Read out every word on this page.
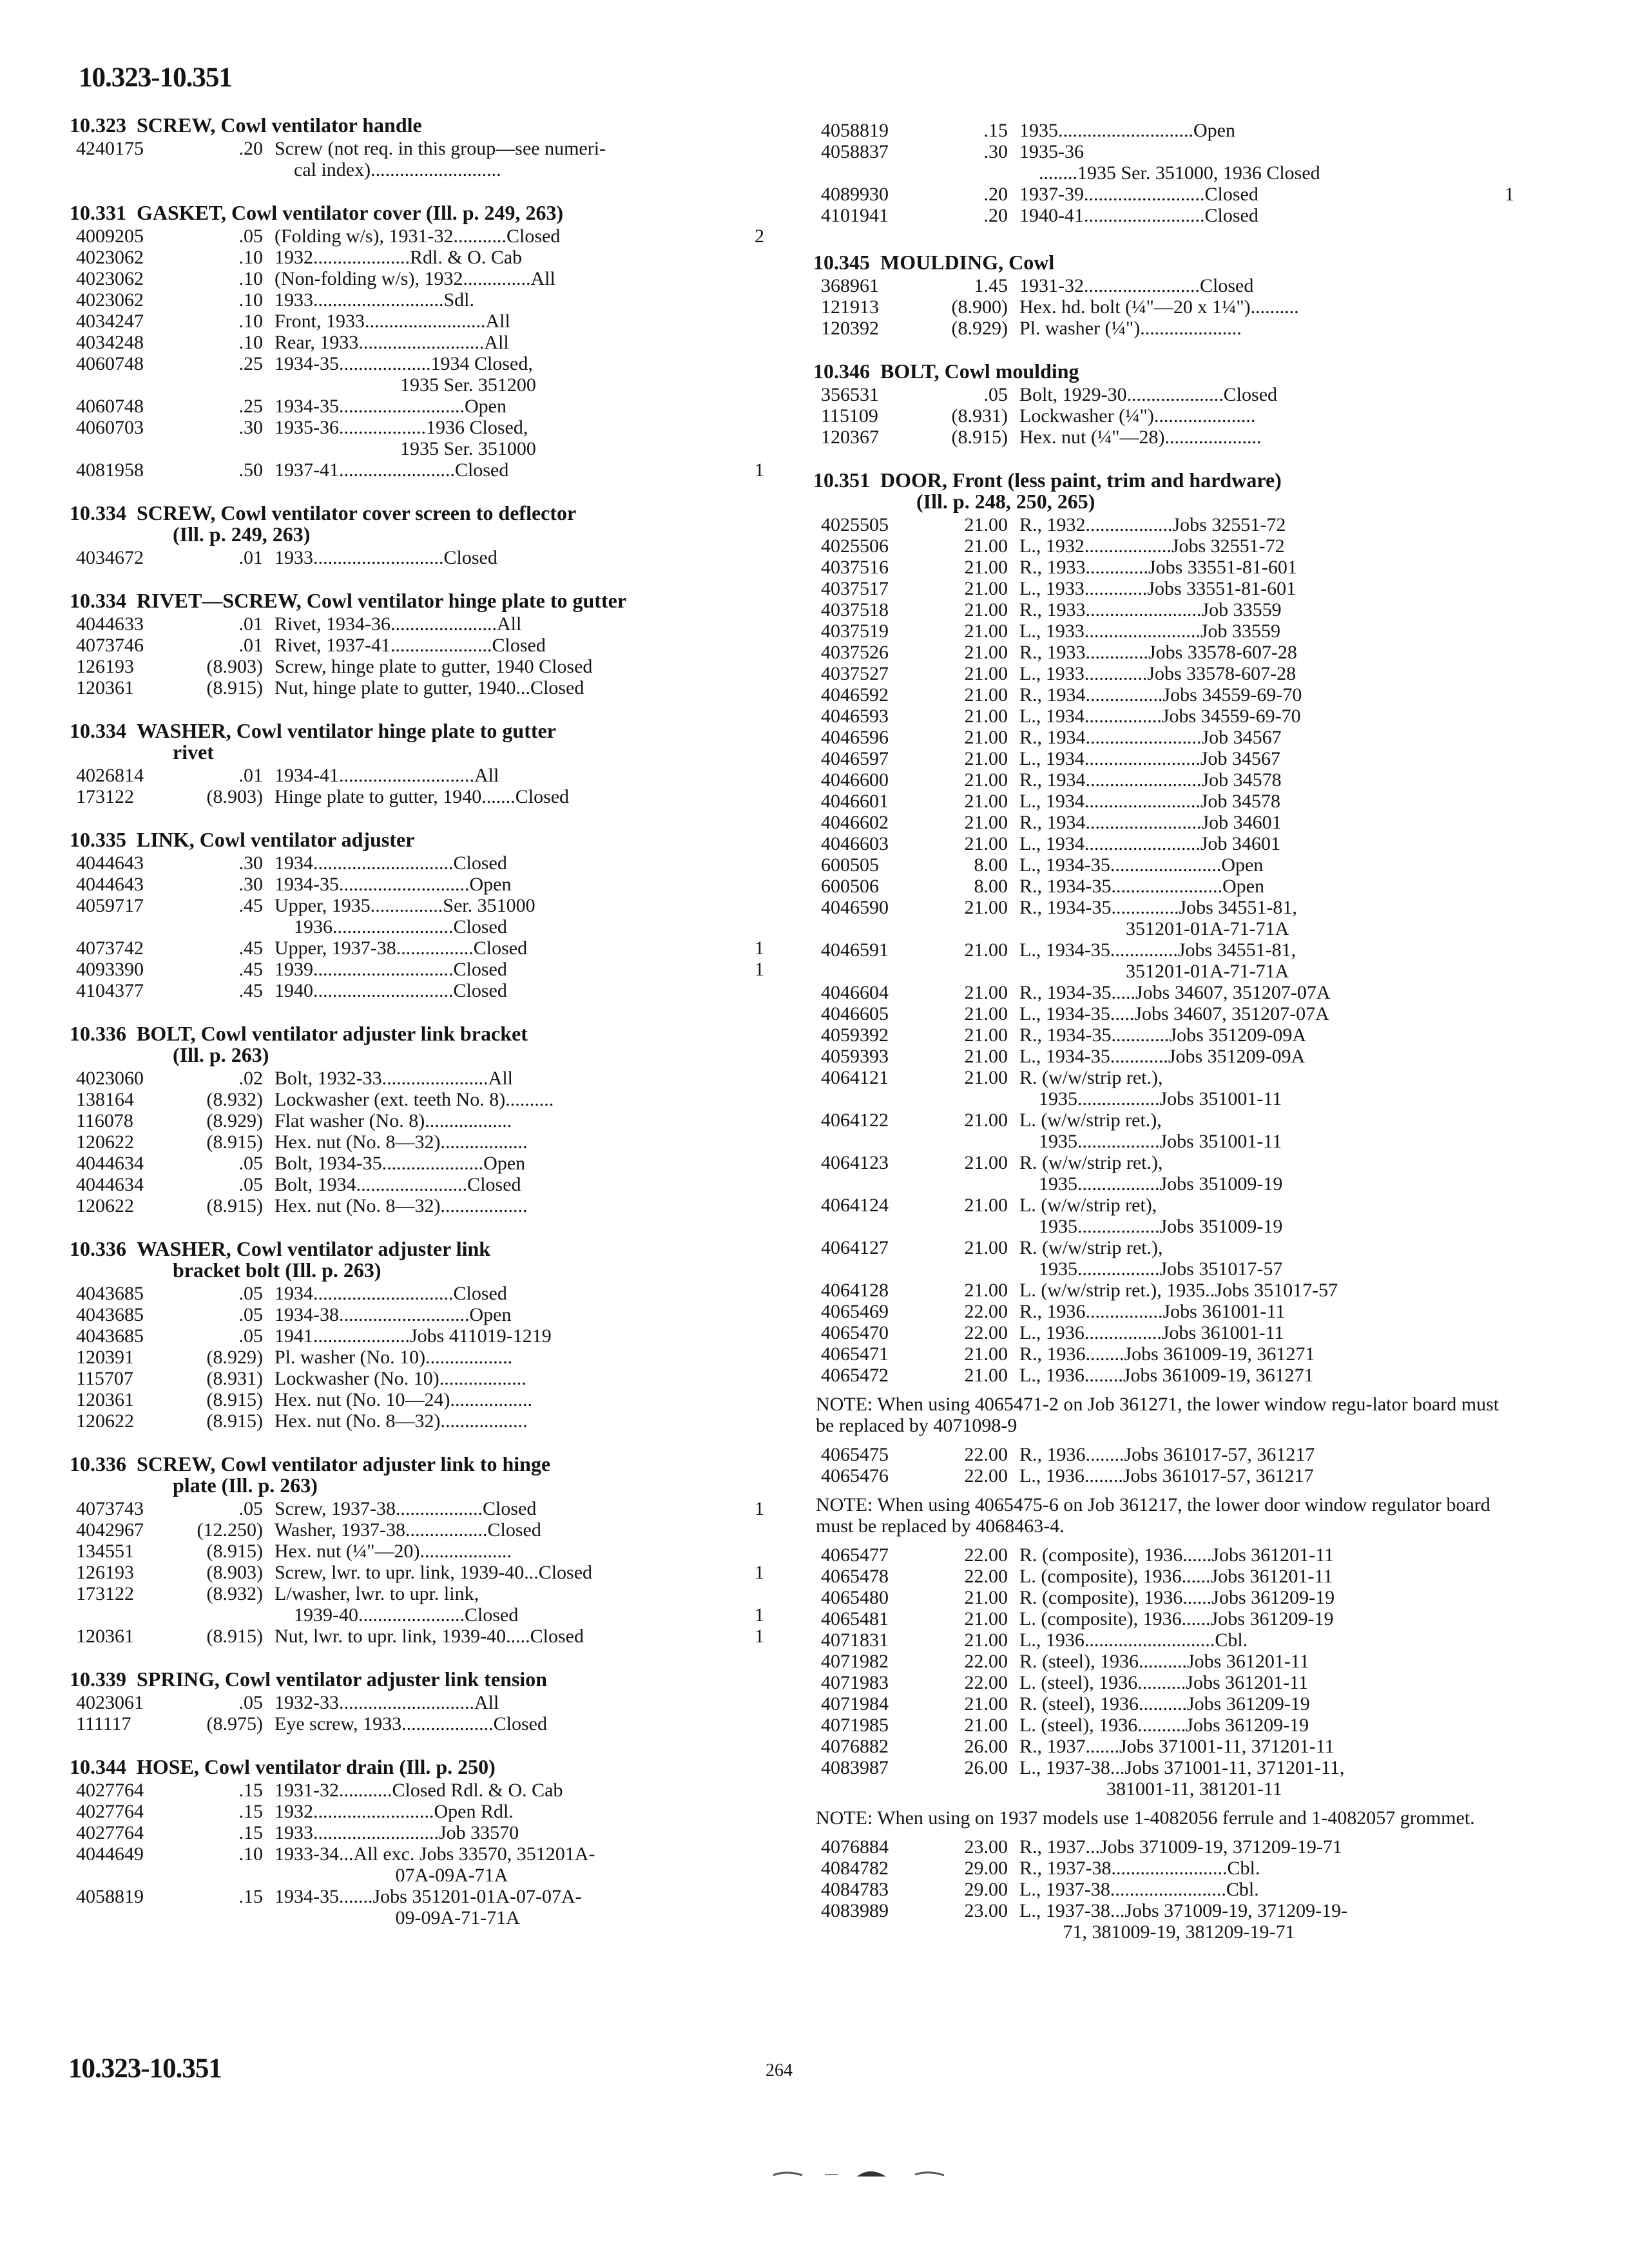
10.323-10.351
10.323 SCREW, Cowl ventilator handle
4240175	.20 Screw (not req. in this group—see numeri-
cal index)...........................
10.331 GASKET, Cowl ventilator cover (Ill. p. 249, 263)
4009205	.05 (Folding w/s), 1931-32...........Closed	2
4023062	.10 1932....................Rdl. & O. Cab
4023062	.10 (Non-folding w/s), 1932..............All
4023062	.10 1933...........................Sdl.
4034247	.10 Front, 1933.........................All
4034248	.10 Rear, 1933..........................All
4060748	.25 1934-35...................1934 Closed,
1935 Ser. 351200
4060748	.25 1934-35..........................Open
4060703	.30 1935-36..................1936 Closed,
1935 Ser. 351000
4081958	.50 1937-41........................Closed	1
10.334 SCREW, Cowl ventilator cover screen to deflector
(Ill. p. 249, 263)
4034672	.01 1933...........................Closed
10.334 RIVET—SCREW, Cowl ventilator hinge plate to gutter
4044633	.01 Rivet, 1934-36......................All
4073746	.01 Rivet, 1937-41.....................Closed
126193	(8.903) Screw, hinge plate to gutter, 1940 Closed
120361	(8.915) Nut, hinge plate to gutter, 1940...Closed
10.334 WASHER, Cowl ventilator hinge plate to gutter
rivet
4026814	.01 1934-41............................All
173122	(8.903) Hinge plate to gutter, 1940.......Closed
10.335 LINK, Cowl ventilator adjuster
4044643	.30 1934.............................Closed
4044643	.30 1934-35...........................Open
4059717	.45 Upper, 1935...............Ser. 351000
1936.........................Closed
4073742	.45 Upper, 1937-38................Closed	1
4093390	.45 1939.............................Closed	1
4104377	.45 1940.............................Closed
10.336 BOLT, Cowl ventilator adjuster link bracket
(Ill. p. 263)
4023060	.02 Bolt, 1932-33......................All
138164	(8.932) Lockwasher (ext. teeth No. 8)..........
116078	(8.929) Flat washer (No. 8)..................
120622	(8.915) Hex. nut (No. 8—32)..................
4044634	.05 Bolt, 1934-35.....................Open
4044634	.05 Bolt, 1934.......................Closed
120622	(8.915) Hex. nut (No. 8—32)..................
10.336 WASHER, Cowl ventilator adjuster link
bracket bolt (Ill. p. 263)
4043685	.05 1934.............................Closed
4043685	.05 1934-38...........................Open
4043685	.05 1941....................Jobs 411019-1219
120391	(8.929) Pl. washer (No. 10)..................
115707	(8.931) Lockwasher (No. 10)..................
120361	(8.915) Hex. nut (No. 10—24).................
120622	(8.915) Hex. nut (No. 8—32)..................
10.336 SCREW, Cowl ventilator adjuster link to hinge
plate (Ill. p. 263)
4073743	.05 Screw, 1937-38..................Closed	1
4042967	(12.250) Washer, 1937-38.................Closed
134551	(8.915) Hex. nut (¼"—20)...................
126193	(8.903) Screw, lwr. to upr. link, 1939-40...Closed	1
173122	(8.932) L/washer, lwr. to upr. link,
1939-40......................Closed	1
120361	(8.915) Nut, lwr. to upr. link, 1939-40.....Closed	1
10.339 SPRING, Cowl ventilator adjuster link tension
4023061	.05 1932-33............................All
111117	(8.975) Eye screw, 1933...................Closed
10.344 HOSE, Cowl ventilator drain (Ill. p. 250)
4027764	.15 1931-32...........Closed Rdl. & O. Cab
4027764	.15 1932.........................Open Rdl.
4027764	.15 1933..........................Job 33570
4044649	.10 1933-34...All exc. Jobs 33570, 351201A-
07A-09A-71A
4058819	.15 1934-35.......Jobs 351201-01A-07-07A-
09-09A-71-71A
4058819	.15 1935............................Open
4058837	.30 1935-36
........1935 Ser. 351000, 1936 Closed
4089930	.20 1937-39.........................Closed	1
4101941	.20 1940-41.........................Closed
10.345 MOULDING, Cowl
368961	1.45 1931-32........................Closed
121913	(8.900) Hex. hd. bolt (¼"—20 x 1¼")..........
120392	(8.929) Pl. washer (¼").....................
10.346 BOLT, Cowl moulding
356531	.05 Bolt, 1929-30....................Closed
115109	(8.931) Lockwasher (¼").....................
120367	(8.915) Hex. nut (¼"—28)....................
10.351 DOOR, Front (less paint, trim and hardware)
(Ill. p. 248, 250, 265)
4025505	21.00 R., 1932..................Jobs 32551-72
4025506	21.00 L., 1932..................Jobs 32551-72
4037516	21.00 R., 1933.............Jobs 33551-81-601
4037517	21.00 L., 1933.............Jobs 33551-81-601
4037518	21.00 R., 1933........................Job 33559
4037519	21.00 L., 1933........................Job 33559
4037526	21.00 R., 1933.............Jobs 33578-607-28
4037527	21.00 L., 1933.............Jobs 33578-607-28
4046592	21.00 R., 1934................Jobs 34559-69-70
4046593	21.00 L., 1934................Jobs 34559-69-70
4046596	21.00 R., 1934........................Job 34567
4046597	21.00 L., 1934........................Job 34567
4046600	21.00 R., 1934........................Job 34578
4046601	21.00 L., 1934........................Job 34578
4046602	21.00 R., 1934........................Job 34601
4046603	21.00 L., 1934........................Job 34601
600505	8.00 L., 1934-35.......................Open
600506	8.00 R., 1934-35.......................Open
4046590	21.00 R., 1934-35..............Jobs 34551-81,
351201-01A-71-71A
4046591	21.00 L., 1934-35..............Jobs 34551-81,
351201-01A-71-71A
4046604	21.00 R., 1934-35.....Jobs 34607, 351207-07A
4046605	21.00 L., 1934-35.....Jobs 34607, 351207-07A
4059392	21.00 R., 1934-35............Jobs 351209-09A
4059393	21.00 L., 1934-35............Jobs 351209-09A
4064121	21.00 R. (w/w/strip ret.),
1935.................Jobs 351001-11
4064122	21.00 L. (w/w/strip ret.),
1935.................Jobs 351001-11
4064123	21.00 R. (w/w/strip ret.),
1935.................Jobs 351009-19
4064124	21.00 L. (w/w/strip ret),
1935.................Jobs 351009-19
4064127	21.00 R. (w/w/strip ret.),
1935.................Jobs 351017-57
4064128	21.00 L. (w/w/strip ret.), 1935..Jobs 351017-57
4065469	22.00 R., 1936................Jobs 361001-11
4065470	22.00 L., 1936................Jobs 361001-11
4065471	21.00 R., 1936........Jobs 361009-19, 361271
4065472	21.00 L., 1936........Jobs 361009-19, 361271
NOTE: When using 4065471-2 on Job 361271, the lower window regu-lator board must be replaced by 4071098-9
4065475	22.00 R., 1936........Jobs 361017-57, 361217
4065476	22.00 L., 1936........Jobs 361017-57, 361217
NOTE: When using 4065475-6 on Job 361217, the lower door window regulator board must be replaced by 4068463-4.
4065477	22.00 R. (composite), 1936......Jobs 361201-11
4065478	22.00 L. (composite), 1936......Jobs 361201-11
4065480	21.00 R. (composite), 1936......Jobs 361209-19
4065481	21.00 L. (composite), 1936......Jobs 361209-19
4071831	21.00 L., 1936...........................Cbl.
4071982	22.00 R. (steel), 1936..........Jobs 361201-11
4071983	22.00 L. (steel), 1936..........Jobs 361201-11
4071984	21.00 R. (steel), 1936..........Jobs 361209-19
4071985	21.00 L. (steel), 1936..........Jobs 361209-19
4076882	26.00 R., 1937.......Jobs 371001-11, 371201-11
4083987	26.00 L., 1937-38...Jobs 371001-11, 371201-11,
381001-11, 381201-11
NOTE: When using on 1937 models use 1-4082056 ferrule and 1-4082057 grommet.
4076884	23.00 R., 1937...Jobs 371009-19, 371209-19-71
4084782	29.00 R., 1937-38........................Cbl.
4084783	29.00 L., 1937-38........................Cbl.
4083989	23.00 L., 1937-38...Jobs 371009-19, 371209-19-
71, 381009-19, 381209-19-71
10.323-10.351	264
